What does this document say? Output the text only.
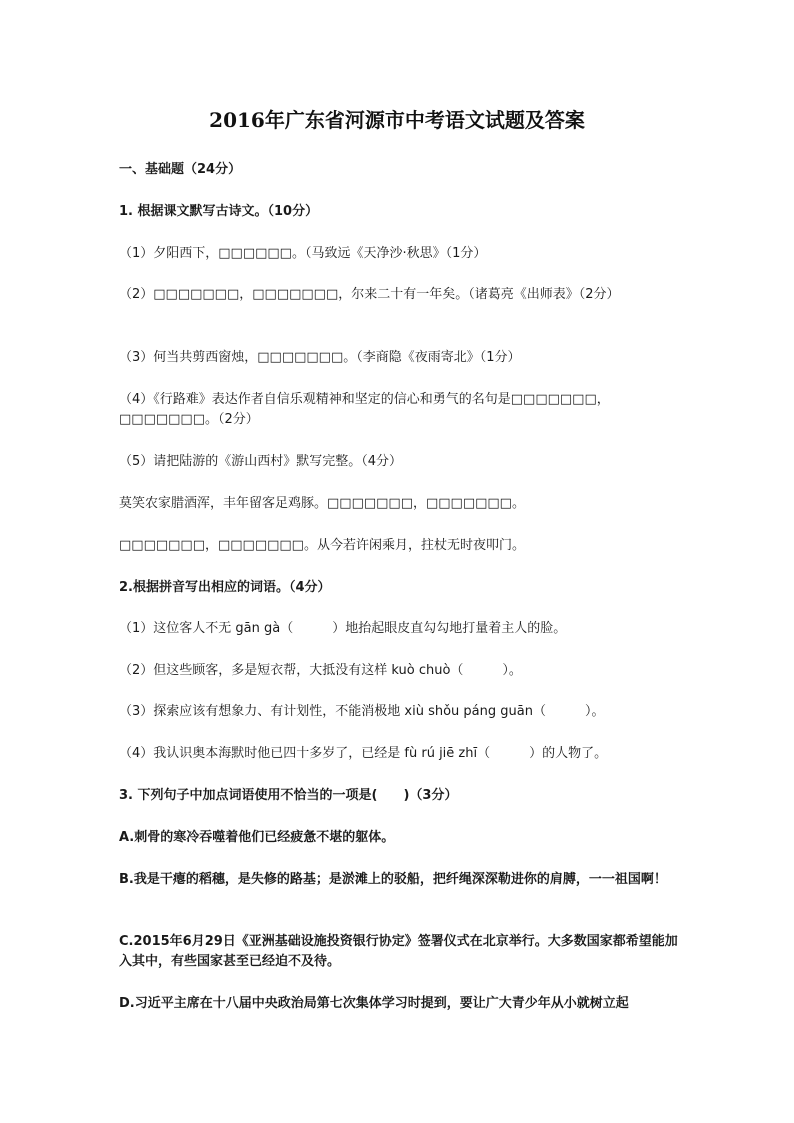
2016年广东省河源市中考语文试题及答案
一、基础题（24分）
1. 根据课文默写古诗文。（10分）
（1）夕阳西下，□□□□□□。（马致远《天净沙·秋思》（1分）
（2）□□□□□□□，□□□□□□□，尔来二十有一年矣。（诸葛亮《出师表》（2分）
（3）何当共剪西窗烛，□□□□□□□。（李商隐《夜雨寄北》（1分）
（4）《行路难》表达作者自信乐观精神和坚定的信心和勇气的名句是□□□□□□□，□□□□□□□。（2分）
（5）请把陆游的《游山西村》默写完整。（4分）
莫笑农家腊酒浑，丰年留客足鸡豚。□□□□□□□，□□□□□□□。
□□□□□□□，□□□□□□□。从今若许闲乘月，拄杖无时夜叩门。
2.根据拼音写出相应的词语。（4分）
（1）这位客人不无 gān gà（　　　）地抬起眼皮直勾勾地打量着主人的脸。
（2）但这些顾客，多是短衣帮，大抵没有这样 kuò chuò（　　　）。
（3）探索应该有想象力、有计划性，不能消极地 xiù shǒu páng guān（　　　）。
（4）我认识奥本海默时他已四十多岁了，已经是 fù rú jiē zhī（　　　）的人物了。
3. 下列句子中加点词语使用不恰当的一项是(　　)（3分）
A.刺骨的寒冷吞噬着他们已经疲惫不堪的躯体。
B.我是干瘪的稻穗，是失修的路基；是淤滩上的驳船，把纤绳深深勒进你的肩膊，一一祖国啊！
C.2015年6月29日《亚洲基础设施投资银行协定》签署仪式在北京举行。大多数国家都希望能加入其中，有些国家甚至已经迫不及待。
D.习近平主席在十八届中央政治局第七次集体学习时提到，要让广大青少年从小就树立起
